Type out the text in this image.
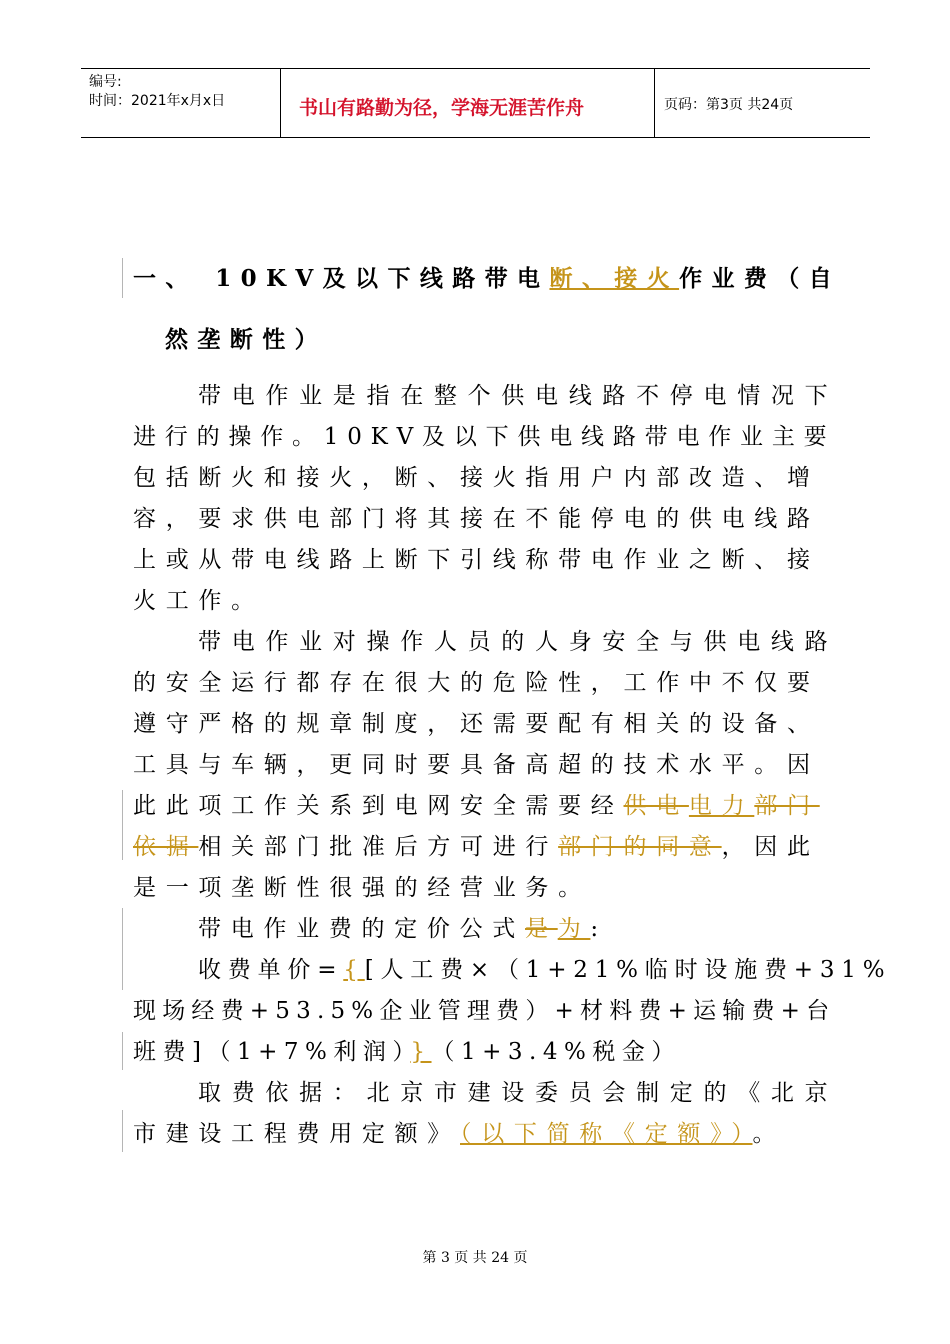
编号:
时间：2021年x月x日	书山有路勤为径，学海无涯苦作舟	页码：第3页 共24页
一、 10KV及以下线路带电断、接火作业费（自
然垄断性）
带电作业是指在整个供电线路不停电情况下
进行的操作。10KV及以下供电线路带电作业主要
包括断火和接火，断、接火指用户内部改造、增
容，要求供电部门将其接在不能停电的供电线路
上或从带电线路上断下引线称带电作业之断、接
火工作。
带电作业对操作人员的人身安全与供电线路
的安全运行都存在很大的危险性，工作中不仅要
遵守严格的规章制度，还需要配有相关的设备、
工具与车辆，更同时要具备高超的技术水平。因
此此项工作关系到电网安全需要经供电电力部门
依据相关部门批准后方可进行部门的同意，因此
是一项垄断性很强的经营业务。
带电作业费的定价公式是为:
收费单价={[人工费×（1+21%临时设施费+31%
现场经费+53.5%企业管理费）+材料费+运输费+台
班费]（1+7%利润）}（1+3.4%税金）
取费依据：北京市建设委员会制定的《北京
市建设工程费用定额》（以下简称《定额》）。
第 3 页 共 24 页
